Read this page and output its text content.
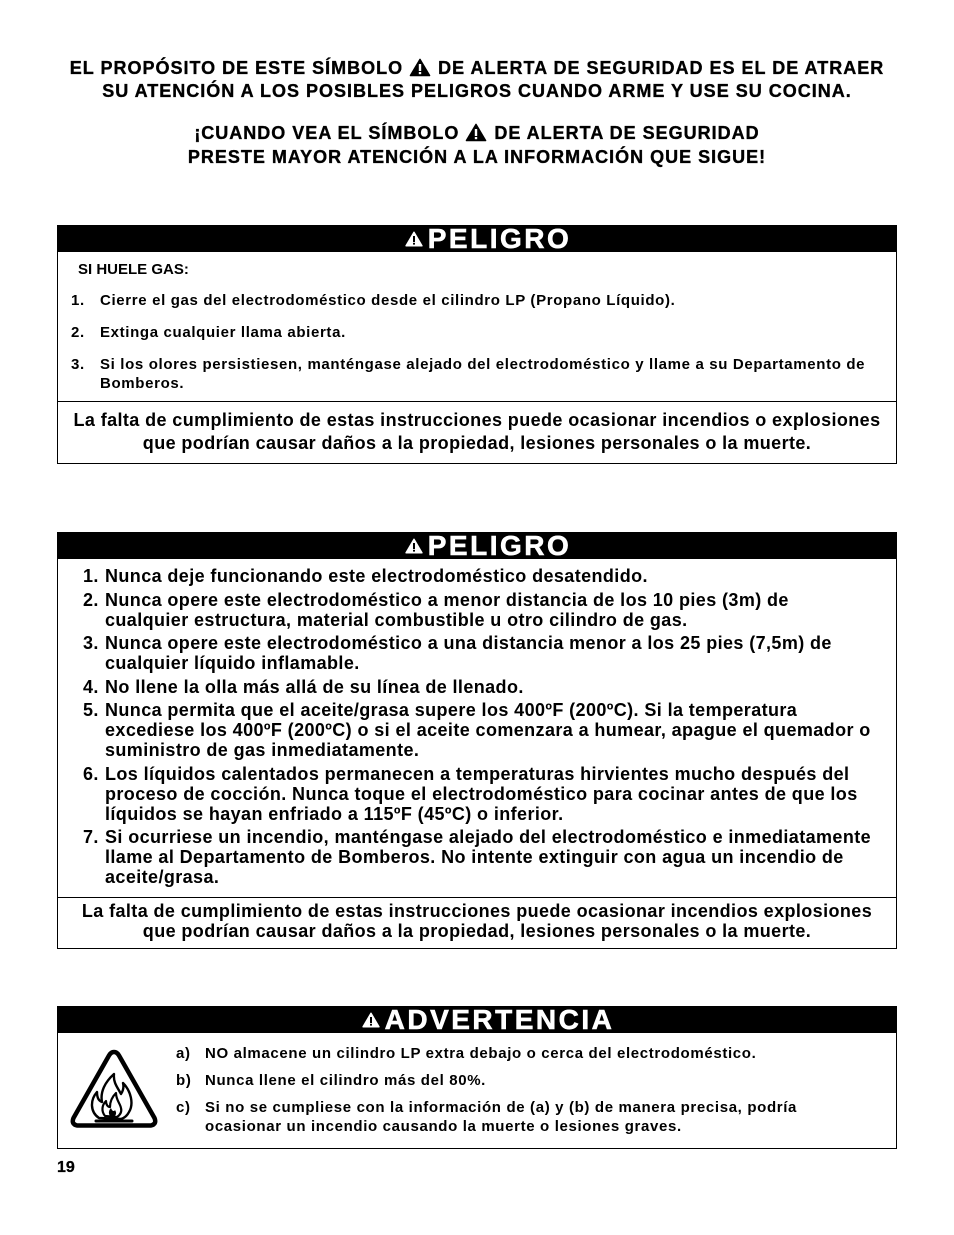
EL PROPÓSITO DE ESTE SÍMBOLO DE ALERTA DE SEGURIDAD ES EL DE ATRAER
SU ATENCIÓN A LOS POSIBLES PELIGROS CUANDO ARME Y USE SU COCINA.
¡CUANDO VEA EL SÍMBOLO DE ALERTA DE SEGURIDAD
PRESTE MAYOR ATENCIÓN A LA INFORMACIÓN QUE SIGUE!
PELIGRO
SI HUELE GAS:
1.	Cierre el gas del electrodoméstico desde el cilindro LP (Propano Líquido).
2.	Extinga cualquier llama abierta.
3.	Si los olores persistiesen, manténgase alejado del electrodoméstico y llame a su Departamento de
Bomberos.
La falta de cumplimiento de estas instrucciones puede ocasionar incendios o explosiones
que podrían causar daños a la propiedad, lesiones personales o la muerte.
PELIGRO
1. Nunca deje funcionando este electrodoméstico desatendido.
2. Nunca opere este electrodoméstico a menor distancia de los 10 pies (3m) de
cualquier estructura, material combustible u otro cilindro de gas.
3. Nunca opere este electrodoméstico a una distancia menor a los 25 pies (7,5m) de
cualquier líquido inflamable.
4. No llene la olla más allá de su línea de llenado.
5. Nunca permita que el aceite/grasa supere los 400ºF (200ºC). Si la temperatura
excediese los 400ºF (200ºC) o si el aceite comenzara a humear, apague el quemador o
suministro de gas inmediatamente.
6. Los líquidos calentados permanecen a temperaturas hirvientes mucho después del
proceso de cocción. Nunca toque el electrodoméstico para cocinar antes de que los
líquidos se hayan enfriado a 115ºF (45ºC) o inferior.
7. Si ocurriese un incendio, manténgase alejado del electrodoméstico e inmediatamente
llame al Departamento de Bomberos. No intente extinguir con agua un incendio de
aceite/grasa.
La falta de cumplimiento de estas instrucciones puede ocasionar incendios explosiones
que podrían causar daños a la propiedad, lesiones personales o la muerte.
ADVERTENCIA
a) NO almacene un cilindro LP extra debajo o cerca del electrodoméstico.
b) Nunca llene el cilindro más del 80%.
c) Si no se cumpliese con la información de (a) y (b) de manera precisa, podría
ocasionar un incendio causando la muerte o lesiones graves.
19
